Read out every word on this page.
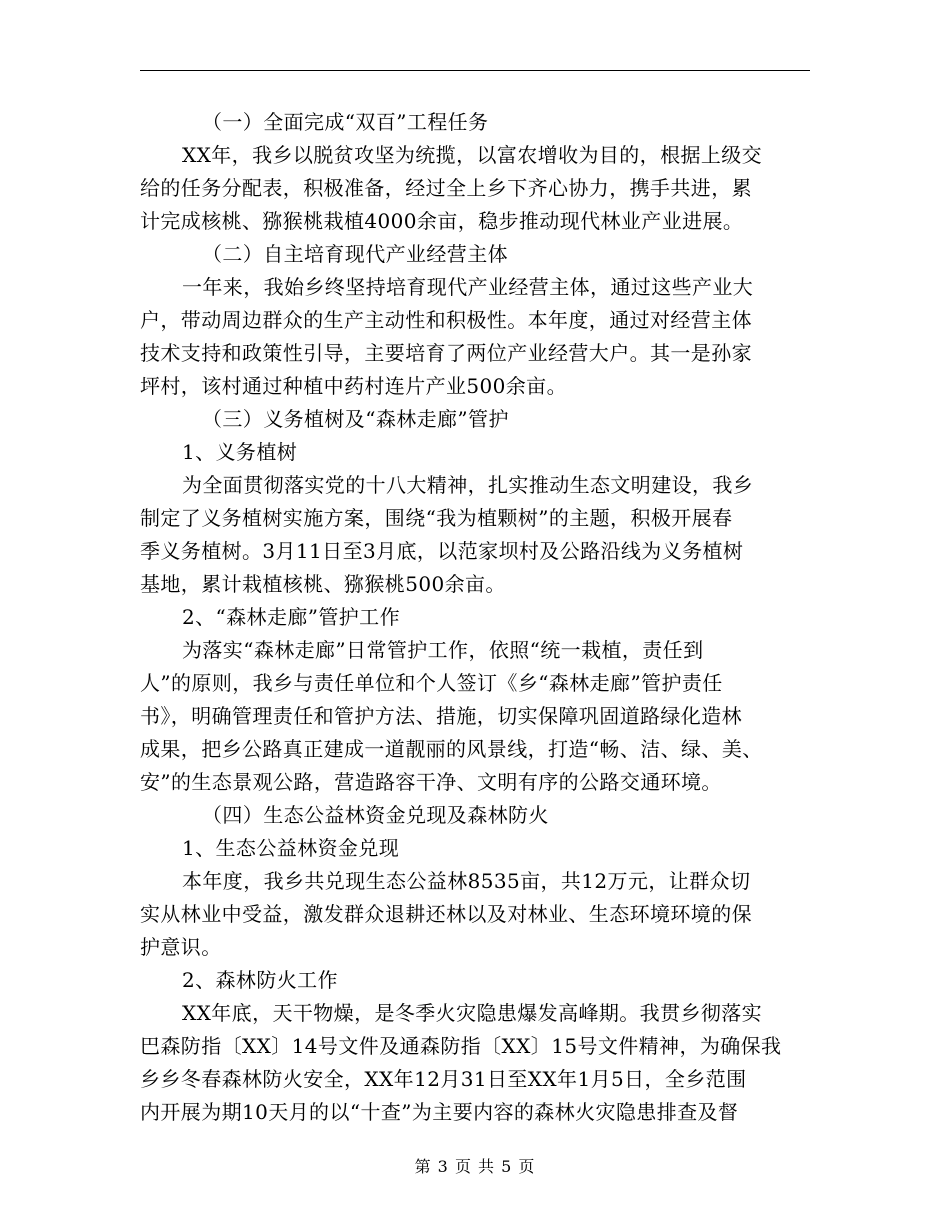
（一）全面完成“双百”工程任务
XX年，我乡以脱贫攻坚为统揽，以富农增收为目的，根据上级交
给的任务分配表，积极准备，经过全上乡下齐心协力，携手共进，累
计完成核桃、猕猴桃栽植4000余亩，稳步推动现代林业产业进展。
（二）自主培育现代产业经营主体
一年来，我始乡终坚持培育现代产业经营主体，通过这些产业大
户，带动周边群众的生产主动性和积极性。本年度，通过对经营主体
技术支持和政策性引导，主要培育了两位产业经营大户。其一是孙家
坪村，该村通过种植中药村连片产业500余亩。
（三）义务植树及“森林走廊”管护
1、义务植树
为全面贯彻落实党的十八大精神，扎实推动生态文明建设，我乡
制定了义务植树实施方案，围绕“我为植颗树”的主题，积极开展春
季义务植树。3月11日至3月底，以范家坝村及公路沿线为义务植树
基地，累计栽植核桃、猕猴桃500余亩。
2、“森林走廊”管护工作
为落实“森林走廊”日常管护工作，依照“统一栽植，责任到
人”的原则，我乡与责任单位和个人签订《乡“森林走廊”管护责任
书》，明确管理责任和管护方法、措施，切实保障巩固道路绿化造林
成果，把乡公路真正建成一道靓丽的风景线，打造“畅、洁、绿、美、
安”的生态景观公路，营造路容干净、文明有序的公路交通环境。
（四）生态公益林资金兑现及森林防火
1、生态公益林资金兑现
本年度，我乡共兑现生态公益林8535亩，共12万元，让群众切
实从林业中受益，激发群众退耕还林以及对林业、生态环境环境的保
护意识。
2、森林防火工作
XX年底，天干物燥，是冬季火灾隐患爆发高峰期。我贯乡彻落实
巴森防指〔XX〕14号文件及通森防指〔XX〕15号文件精神，为确保我
乡乡冬春森林防火安全，XX年12月31日至XX年1月5日，全乡范围
内开展为期10天月的以“十查”为主要内容的森林火灾隐患排查及督
第 3 页 共 5 页
